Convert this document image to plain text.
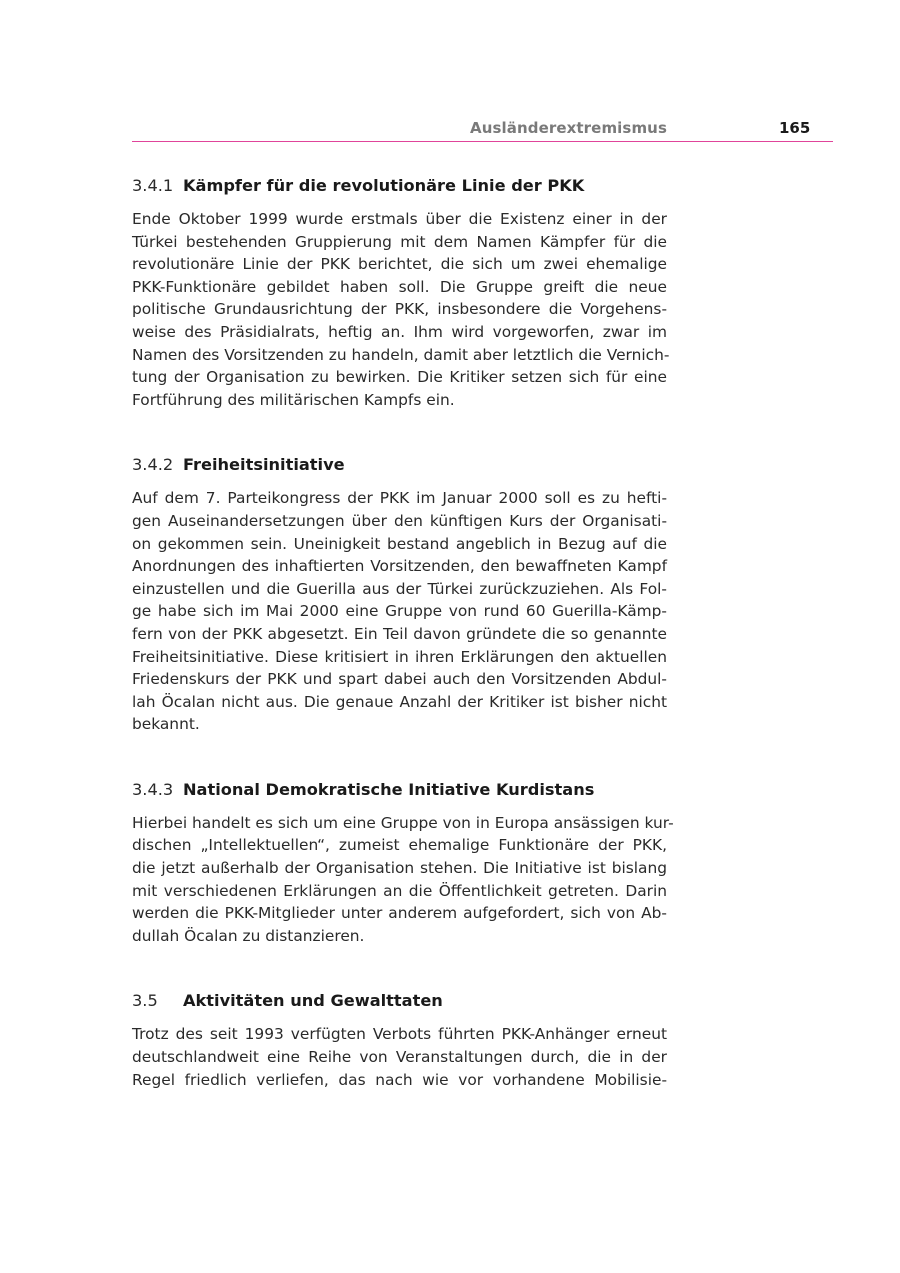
Ausländerextremismus	165
3.4.1 Kämpfer für die revolutionäre Linie der PKK

Ende Oktober 1999 wurde erstmals über die Existenz einer in der
Türkei bestehenden Gruppierung mit dem Namen Kämpfer für die
revolutionäre Linie der PKK berichtet, die sich um zwei ehemalige
PKK-Funktionäre gebildet haben soll. Die Gruppe greift die neue
politische Grundausrichtung der PKK, insbesondere die Vorgehens-
weise des Präsidialrats, heftig an. Ihm wird vorgeworfen, zwar im
Namen des Vorsitzenden zu handeln, damit aber letztlich die Vernich-
tung der Organisation zu bewirken. Die Kritiker setzen sich für eine
Fortführung des militärischen Kampfs ein.

3.4.2 Freiheitsinitiative

Auf dem 7. Parteikongress der PKK im Januar 2000 soll es zu hefti-
gen Auseinandersetzungen über den künftigen Kurs der Organisati-
on gekommen sein. Uneinigkeit bestand angeblich in Bezug auf die
Anordnungen des inhaftierten Vorsitzenden, den bewaffneten Kampf
einzustellen und die Guerilla aus der Türkei zurückzuziehen. Als Fol-
ge habe sich im Mai 2000 eine Gruppe von rund 60 Guerilla-Kämp-
fern von der PKK abgesetzt. Ein Teil davon gründete die so genannte
Freiheitsinitiative. Diese kritisiert in ihren Erklärungen den aktuellen
Friedenskurs der PKK und spart dabei auch den Vorsitzenden Abdul-
lah Öcalan nicht aus. Die genaue Anzahl der Kritiker ist bisher nicht
bekannt.

3.4.3 National Demokratische Initiative Kurdistans

Hierbei handelt es sich um eine Gruppe von in Europa ansässigen kur-
dischen „Intellektuellen“, zumeist ehemalige Funktionäre der PKK,
die jetzt außerhalb der Organisation stehen. Die Initiative ist bislang
mit verschiedenen Erklärungen an die Öffentlichkeit getreten. Darin
werden die PKK-Mitglieder unter anderem aufgefordert, sich von Ab-
dullah Öcalan zu distanzieren.

3.5 Aktivitäten und Gewalttaten

Trotz des seit 1993 verfügten Verbots führten PKK-Anhänger erneut
deutschlandweit eine Reihe von Veranstaltungen durch, die in der
Regel friedlich verliefen, das nach wie vor vorhandene Mobilisie-
